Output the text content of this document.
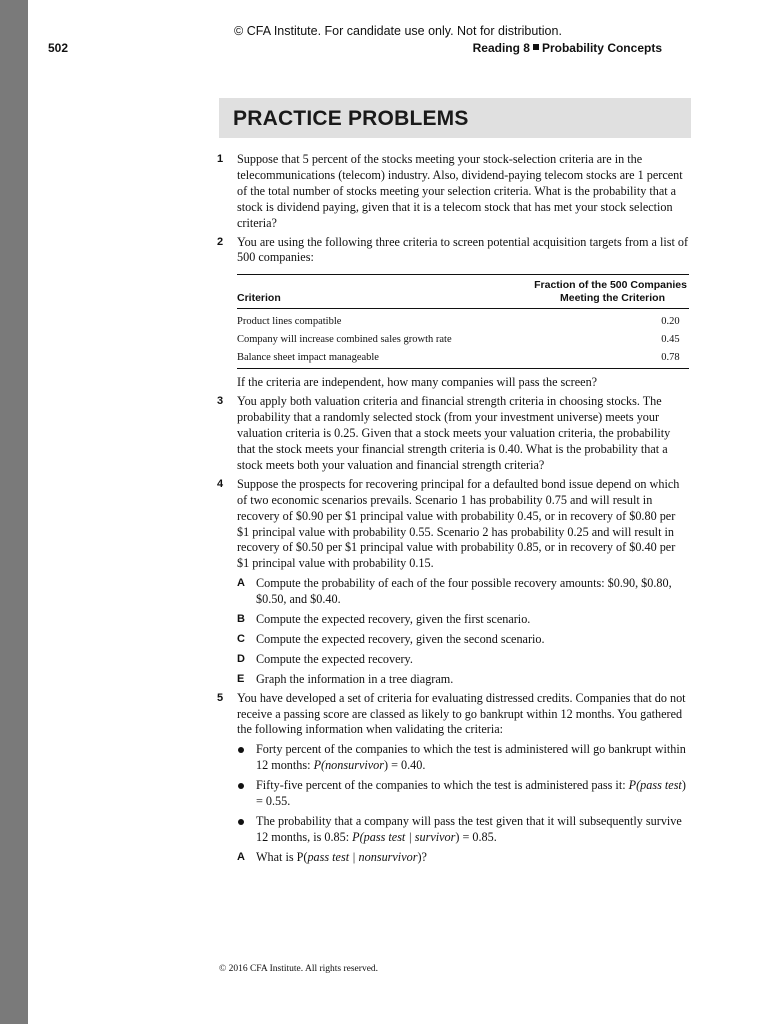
© CFA Institute. For candidate use only. Not for distribution.
502	Reading 8 Probability Concepts
PRACTICE PROBLEMS
1 Suppose that 5 percent of the stocks meeting your stock-selection criteria are in the telecommunications (telecom) industry. Also, dividend-paying telecom stocks are 1 percent of the total number of stocks meeting your selection criteria. What is the probability that a stock is dividend paying, given that it is a telecom stock that has met your stock selection criteria?
2 You are using the following three criteria to screen potential acquisition targets from a list of 500 companies:
Criterion	Fraction of the 500 Companies
Meeting the Criterion
Product lines compatible	0.20
Company will increase combined sales growth rate	0.45
Balance sheet impact manageable	0.78
If the criteria are independent, how many companies will pass the screen?
3 You apply both valuation criteria and financial strength criteria in choosing stocks. The probability that a randomly selected stock (from your investment universe) meets your valuation criteria is 0.25. Given that a stock meets your valuation criteria, the probability that the stock meets your financial strength criteria is 0.40. What is the probability that a stock meets both your valuation and financial strength criteria?
4 Suppose the prospects for recovering principal for a defaulted bond issue depend on which of two economic scenarios prevails. Scenario 1 has probability 0.75 and will result in recovery of $0.90 per $1 principal value with probability 0.45, or in recovery of $0.80 per $1 principal value with probability 0.55. Scenario 2 has probability 0.25 and will result in recovery of $0.50 per $1 principal value with probability 0.85, or in recovery of $0.40 per $1 principal value with probability 0.15.
A Compute the probability of each of the four possible recovery amounts: $0.90, $0.80, $0.50, and $0.40.
B Compute the expected recovery, given the first scenario.
C Compute the expected recovery, given the second scenario.
D Compute the expected recovery.
E Graph the information in a tree diagram.
5 You have developed a set of criteria for evaluating distressed credits. Companies that do not receive a passing score are classed as likely to go bankrupt within 12 months. You gathered the following information when validating the criteria:
Forty percent of the companies to which the test is administered will go bankrupt within 12 months: P(nonsurvivor) = 0.40.
Fifty-five percent of the companies to which the test is administered pass it: P(pass test) = 0.55.
The probability that a company will pass the test given that it will subsequently survive 12 months, is 0.85: P(pass test | survivor) = 0.85.
A What is P(pass test | nonsurvivor)?
© 2016 CFA Institute. All rights reserved.
